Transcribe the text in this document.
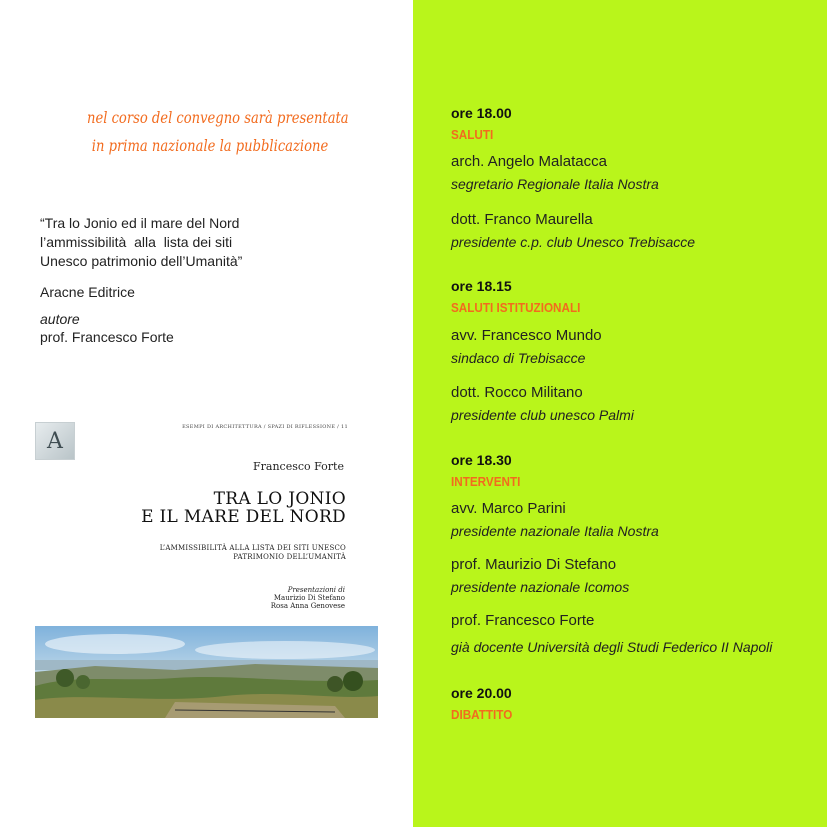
nel corso del convegno sarà presentata
in prima nazionale la pubblicazione
“Tra lo Jonio ed il mare del Nord
l’ammissibilità  alla  lista dei siti
Unesco patrimonio dell’Umanità”
Aracne Editrice
autore
prof. Francesco Forte
A
ESEMPI DI ARCHITETTURA / SPAZI DI RIFLESSIONE / 11
Francesco Forte
TRA LO JONIO
E IL MARE DEL NORD
L’AMMISSIBILITÀ ALLA LISTA DEI SITI UNESCO
PATRIMONIO DELL’UMANITÀ
Presentazioni di
Maurizio Di Stefano
Rosa Anna Genovese
ore 18.00
SALUTI
arch. Angelo Malatacca
segretario Regionale Italia Nostra
dott. Franco Maurella
presidente c.p. club Unesco Trebisacce
ore 18.15
SALUTI ISTITUZIONALI
avv. Francesco Mundo
sindaco di Trebisacce
dott. Rocco Militano
presidente club unesco Palmi
ore 18.30
INTERVENTI
avv. Marco Parini
presidente nazionale Italia Nostra
prof. Maurizio Di Stefano
presidente nazionale Icomos
prof. Francesco Forte
già docente Università degli Studi Federico II Napoli
ore 20.00
DIBATTITO
